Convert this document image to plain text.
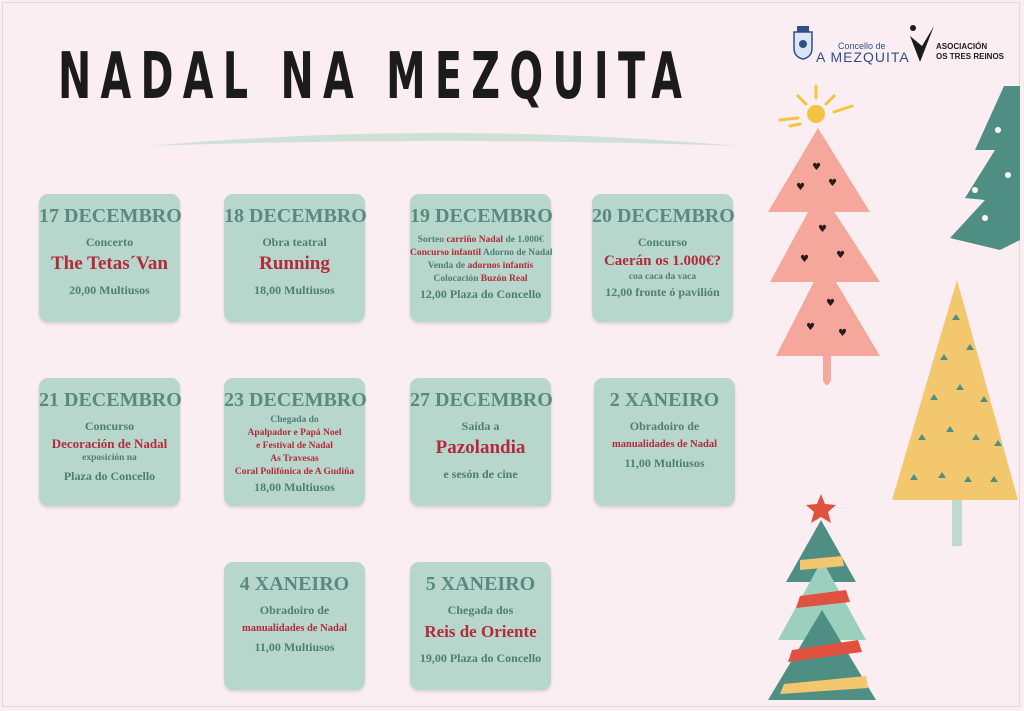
NADAL NA MEZQUITA	Concello de
A MEZQUITA
ASOCIACIÓN
OS TRES REINOS
17 DECEMBRO
Concerto
The Tetas´Van
20,00 Multiusos
18 DECEMBRO
Obra teatral
Running
18,00 Multiusos
19 DECEMBRO
Sorteo carriño Nadal de 1.000€
Concurso infantil Adorno de Nadal
Venda de adornos infantís
Colocación Buzón Real
12,00 Plaza do Concello
20 DECEMBRO
Concurso
Caerán os 1.000€?
coa caca da vaca
12,00 fronte ó pavilión
21 DECEMBRO
Concurso
Decoración de Nadal
exposición na
Plaza do Concello
23 DECEMBRO
Chegada do
Apalpador e Papá Noel
e Festival de Nadal
As Travesas
Coral Polifónica de A Gudiña
18,00 Multiusos
27 DECEMBRO
Saída a
Pazolandia
e sesón de cine
2 XANEIRO
Obradoiro de
manualidades de Nadal
11,00 Multiusos
4 XANEIRO
Obradoiro de
manualidades de Nadal
11,00 Multiusos
5 XANEIRO
Chegada dos
Reis de Oriente
19,00 Plaza do Concello
♥
♥ ♥
♥
♥	♥
♥
♥
♥
